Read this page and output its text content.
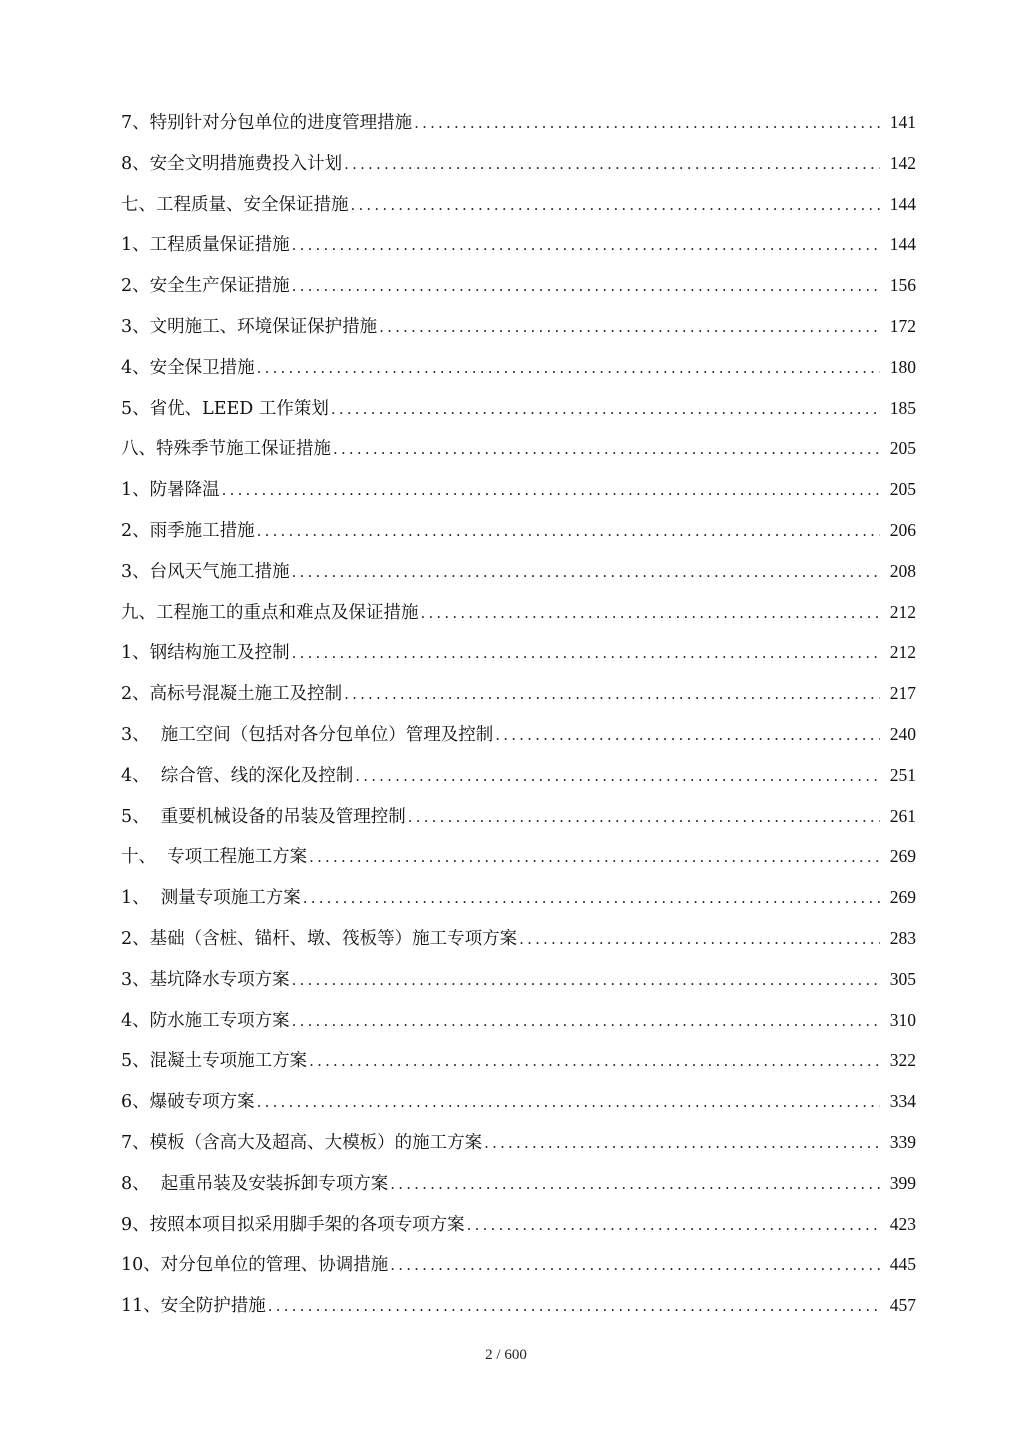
7、特别针对分包单位的进度管理措施 .....	141
8、安全文明措施费投入计划 .....	142
七、工程质量、安全保证措施 .....	144
1、工程质量保证措施 .....	144
2、安全生产保证措施 .....	156
3、文明施工、环境保证保护措施 .....	172
4、安全保卫措施 .....	180
5、省优、LEED 工作策划 .....	185
八、特殊季节施工保证措施 .....	205
1、防暑降温 .....	205
2、雨季施工措施 .....	206
3、台风天气施工措施 .....	208
九、工程施工的重点和难点及保证措施 .....	212
1、钢结构施工及控制 .....	212
2、高标号混凝土施工及控制 .....	217
3、  施工空间（包括对各分包单位）管理及控制 .....	240
4、  综合管、线的深化及控制 .....	251
5、  重要机械设备的吊装及管理控制 .....	261
十、  专项工程施工方案 .....	269
1、  测量专项施工方案 .....	269
2、基础（含桩、锚杆、墩、筏板等）施工专项方案 .....	283
3、基坑降水专项方案 .....	305
4、防水施工专项方案 .....	310
5、混凝土专项施工方案 .....	322
6、爆破专项方案 .....	334
7、模板（含高大及超高、大模板）的施工方案 .....	339
8、  起重吊装及安装拆卸专项方案 .....	399
9、按照本项目拟采用脚手架的各项专项方案 .....	423
10、对分包单位的管理、协调措施 .....	445
11、安全防护措施 .....	457
2 / 600
